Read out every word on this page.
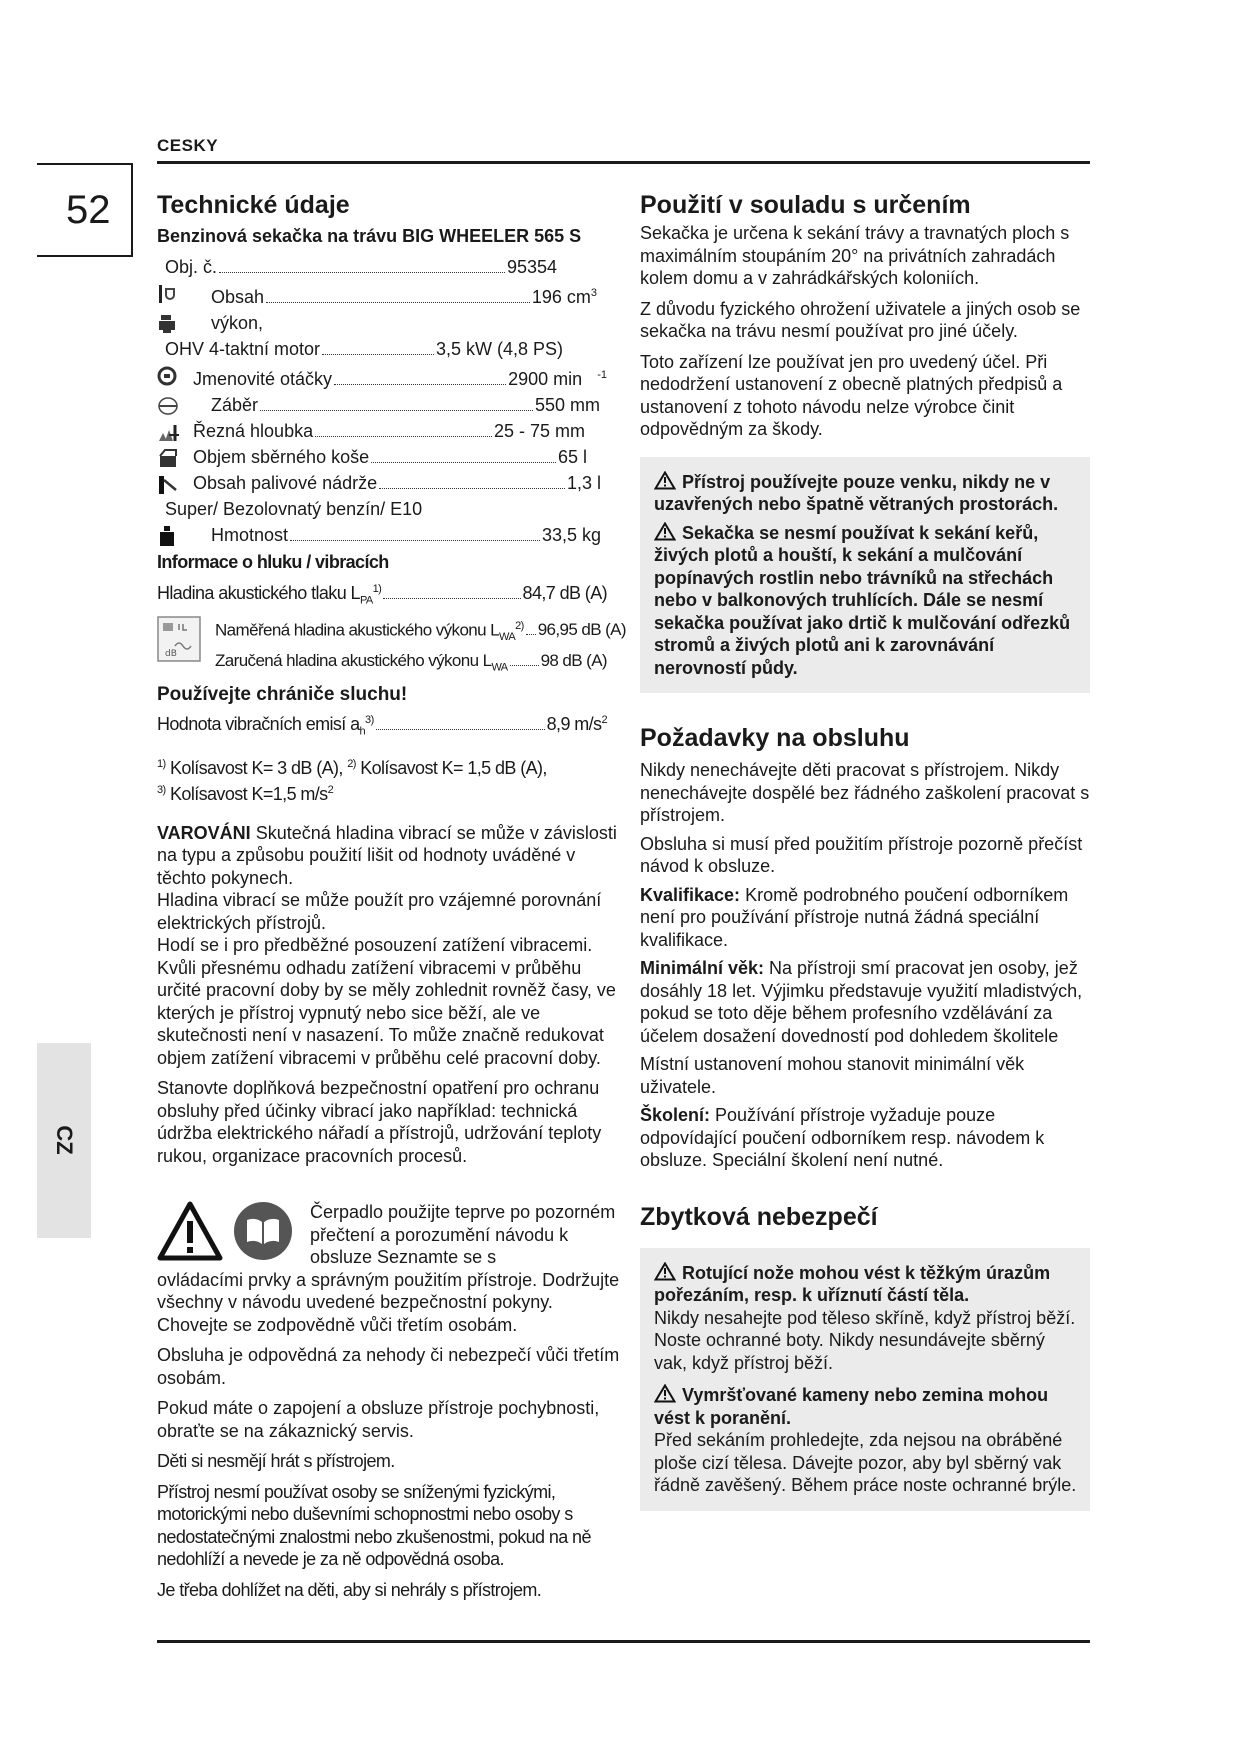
CESKY
52
CZ
Technické údaje
Benzinová sekačka na trávu BIG WHEELER 565 S
Obj. č.	95354
Obsah	196 $cm^3$
výkon,
OHV 4-taktní motor	3,5 kW (4,8 PS)
Jmenovité otáčky	2900 min $^{-1}$
Záběr	550 mm
Řezná hloubka	25 - 75 mm
Objem sběrného koše	65 l
Obsah palivové nádrže	1,3 l
Super/ Bezolovnatý benzín/ E10
Hmotnost	33,5 kg
Informace o hluku / vibracích
Hladina akustického tlaku $L_{PA}^{1)}$	84,7 dB (A)
dB
Naměřená hladina akustického výkonu $L_{WA}^{2)}$ 96,95 dB (A)
Zaručená hladina akustického výkonu $L_{WA}$ 98 dB (A)
Používejte chrániče sluchu!
Hodnota vibračních emisí $a_h^{3)}$	8,9 $m/s^2$
$^{1)}$ Kolísavost K= 3 dB (A), $^{2)}$ Kolísavost K= 1,5 dB (A),
$^{3)}$ Kolísavost K=1,5 $m/s^2$
VAROVÁNI Skutečná hladina vibrací se může v závislosti na typu a způsobu použití lišit od hodnoty uváděné v těchto pokynech.
Hladina vibrací se může použít pro vzájemné porovnání elektrických přístrojů.
Hodí se i pro předběžné posouzení zatížení vibracemi.
Kvůli přesnému odhadu zatížení vibracemi v průběhu určité pracovní doby by se měly zohlednit rovněž časy, ve kterých je přístroj vypnutý nebo sice běží, ale ve skutečnosti není v nasazení. To může značně redukovat objem zatížení vibracemi v průběhu celé pracovní doby.
Stanovte doplňková bezpečnostní opatření pro ochranu obsluhy před účinky vibrací jako například: technická údržba elektrického nářadí a přístrojů, udržování teploty rukou, organizace pracovních procesů.
Čerpadlo použijte teprve po pozorném přečtení a porozumění návodu k obsluze Seznamte se s
ovládacími prvky a správným použitím přístroje. Dodržujte všechny v návodu uvedené bezpečnostní pokyny. Chovejte se zodpovědně vůči třetím osobám.
Obsluha je odpovědná za nehody či nebezpečí vůči třetím osobám.
Pokud máte o zapojení a obsluze přístroje pochybnosti, obraťte se na zákaznický servis.
Děti si nesmějí hrát s přístrojem.
Přístroj nesmí používat osoby se sníženými fyzickými, motorickými nebo duševními schopnostmi nebo osoby s nedostatečnými znalostmi nebo zkušenostmi, pokud na ně nedohlíží a nevede je za ně odpovědná osoba.
Je třeba dohlížet na děti, aby si nehrály s přístrojem.
Použití v souladu s určením
Sekačka je určena k sekání trávy a travnatých ploch s maximálním stoupáním 20° na privátních zahradách kolem domu a v zahrádkářských koloniích.
Z důvodu fyzického ohrožení uživatele a jiných osob se sekačka na trávu nesmí používat pro jiné účely.
Toto zařízení lze používat jen pro uvedený účel. Při nedodržení ustanovení z obecně platných předpisů a ustanovení z tohoto návodu nelze výrobce činit odpovědným za škody.
Přístroj používejte pouze venku, nikdy ne v uzavřených nebo špatně větraných prostorách.
Sekačka se nesmí používat k sekání keřů, živých plotů a houští, k sekání a mulčování popínavých rostlin nebo trávníků na střechách nebo v balkonových truhlících. Dále se nesmí sekačka používat jako drtič k mulčování odřezků stromů a živých plotů ani k zarovnávání nerovností půdy.
Požadavky na obsluhu
Nikdy nenechávejte děti pracovat s přístrojem. Nikdy nenechávejte dospělé bez řádného zaškolení pracovat s přístrojem.
Obsluha si musí před použitím přístroje pozorně přečíst návod k obsluze.
Kvalifikace: Kromě podrobného poučení odborníkem není pro používání přístroje nutná žádná speciální kvalifikace.
Minimální věk: Na přístroji smí pracovat jen osoby, jež dosáhly 18 let. Výjimku představuje využití mladistvých, pokud se toto děje během profesního vzdělávání za účelem dosažení dovedností pod dohledem školitele
Místní ustanovení mohou stanovit minimální věk uživatele.
Školení: Používání přístroje vyžaduje pouze odpovídající poučení odborníkem resp. návodem k obsluze. Speciální školení není nutné.
Zbytková nebezpečí
Rotující nože mohou vést k těžkým úrazům pořezáním, resp. k uříznutí částí těla.
Nikdy nesahejte pod těleso skříně, když přístroj běží. Noste ochranné boty. Nikdy nesundávejte sběrný vak, když přístroj běží.
Vymršťované kameny nebo zemina mohou vést k poranění.
Před sekáním prohledejte, zda nejsou na obráběné ploše cizí tělesa. Dávejte pozor, aby byl sběrný vak řádně zavěšený. Během práce noste ochranné brýle.
